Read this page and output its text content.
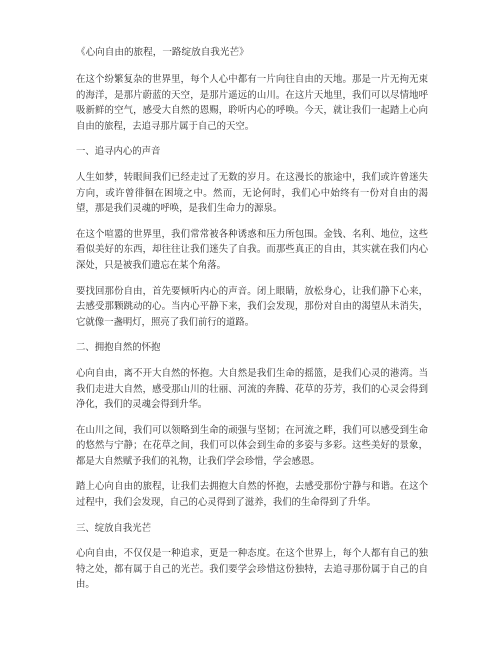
《心向自由的旅程，一路绽放自我光芒》

在这个纷繁复杂的世界里，每个人心中都有一片向往自由的天地。那是一片无拘无束的海洋，是那片蔚蓝的天空，是那片遥远的山川。在这片天地里，我们可以尽情地呼吸新鲜的空气，感受大自然的恩赐，聆听内心的呼唤。今天，就让我们一起踏上心向自由的旅程，去追寻那片属于自己的天空。

一、追寻内心的声音

人生如梦，转眼间我们已经走过了无数的岁月。在这漫长的旅途中，我们或许曾迷失方向，或许曾徘徊在困境之中。然而，无论何时，我们心中始终有一份对自由的渴望，那是我们灵魂的呼唤，是我们生命力的源泉。

在这个喧嚣的世界里，我们常常被各种诱惑和压力所包围。金钱、名利、地位，这些看似美好的东西，却往往让我们迷失了自我。而那些真正的自由，其实就在我们内心深处，只是被我们遗忘在某个角落。

要找回那份自由，首先要倾听内心的声音。闭上眼睛，放松身心，让我们静下心来，去感受那颗跳动的心。当内心平静下来，我们会发现，那份对自由的渴望从未消失，它就像一盏明灯，照亮了我们前行的道路。

二、拥抱自然的怀抱

心向自由，离不开大自然的怀抱。大自然是我们生命的摇篮，是我们心灵的港湾。当我们走进大自然，感受那山川的壮丽、河流的奔腾、花草的芬芳，我们的心灵会得到净化，我们的灵魂会得到升华。

在山川之间，我们可以领略到生命的顽强与坚韧；在河流之畔，我们可以感受到生命的悠然与宁静；在花草之间，我们可以体会到生命的多姿与多彩。这些美好的景象，都是大自然赋予我们的礼物，让我们学会珍惜，学会感恩。

踏上心向自由的旅程，让我们去拥抱大自然的怀抱，去感受那份宁静与和谐。在这个过程中，我们会发现，自己的心灵得到了滋养，我们的生命得到了升华。

三、绽放自我光芒

心向自由，不仅仅是一种追求，更是一种态度。在这个世界上，每个人都有自己的独特之处，都有属于自己的光芒。我们要学会珍惜这份独特，去追寻那份属于自己的自由。
